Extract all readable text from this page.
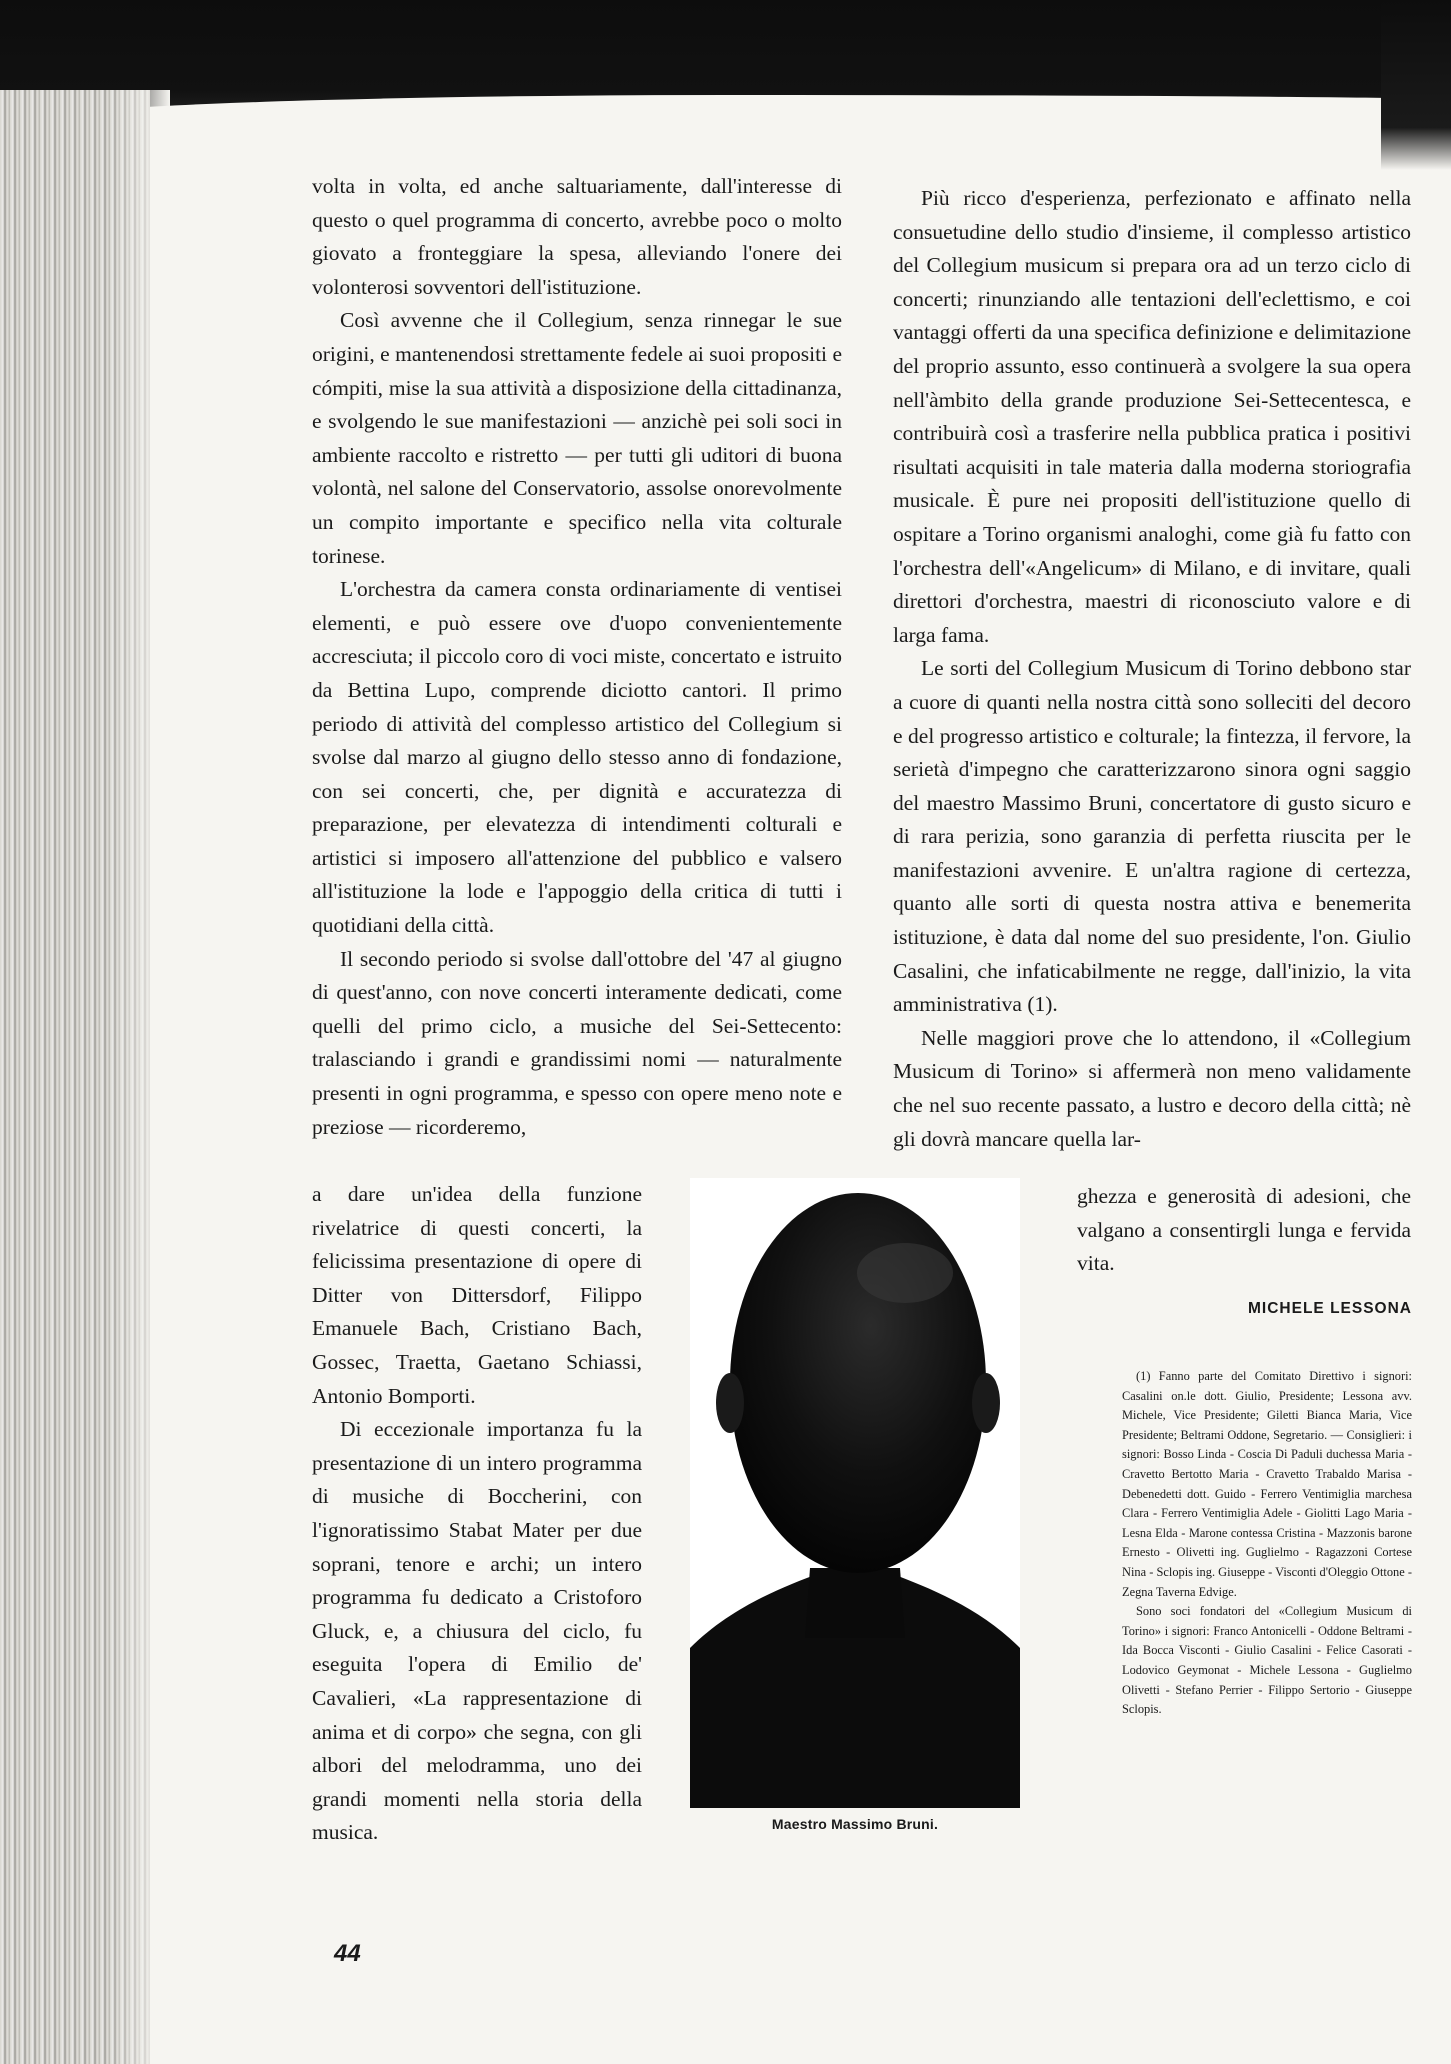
volta in volta, ed anche saltuariamente, dall'interesse di questo o quel programma di concerto, avrebbe poco o molto giovato a fronteggiare la spesa, alleviando l'onere dei volonterosi sovventori dell'istituzione.

Così avvenne che il Collegium, senza rinnegar le sue origini, e mantenendosi strettamente fedele ai suoi propositi e cómpiti, mise la sua attività a disposizione della cittadinanza, e svolgendo le sue manifestazioni — anzichè pei soli soci in ambiente raccolto e ristretto — per tutti gli uditori di buona volontà, nel salone del Conservatorio, assolse onorevolmente un compito importante e specifico nella vita colturale torinese.

L'orchestra da camera consta ordinariamente di ventisei elementi, e può essere ove d'uopo convenientemente accresciuta; il piccolo coro di voci miste, concertato e istruito da Bettina Lupo, comprende diciotto cantori. Il primo periodo di attività del complesso artistico del Collegium si svolse dal marzo al giugno dello stesso anno di fondazione, con sei concerti, che, per dignità e accuratezza di preparazione, per elevatezza di intendimenti colturali e artistici si imposero all'attenzione del pubblico e valsero all'istituzione la lode e l'appoggio della critica di tutti i quotidiani della città.

Il secondo periodo si svolse dall'ottobre del '47 al giugno di quest'anno, con nove concerti interamente dedicati, come quelli del primo ciclo, a musiche del Sei-Settecento: tralasciando i grandi e grandissimi nomi — naturalmente presenti in ogni programma, e spesso con opere meno note e preziose — ricorderemo,

a dare un'idea della funzione rivelatrice di questi concerti, la felicissima presentazione di opere di Ditter von Dittersdorf, Filippo Emanuele Bach, Cristiano Bach, Gossec, Traetta, Gaetano Schiassi, Antonio Bomporti.

Di eccezionale importanza fu la presentazione di un intero programma di musiche di Boccherini, con l'ignoratissimo Stabat Mater per due soprani, tenore e archi; un intero programma fu dedicato a Cristoforo Gluck, e, a chiusura del ciclo, fu eseguita l'opera di Emilio de' Cavalieri, «La rappresentazione di anima et di corpo» che segna, con gli albori del melodramma, uno dei grandi momenti nella storia della musica.

Più ricco d'esperienza, perfezionato e affinato nella consuetudine dello studio d'insieme, il complesso artistico del Collegium musicum si prepara ora ad un terzo ciclo di concerti; rinunziando alle tentazioni dell'eclettismo, e coi vantaggi offerti da una specifica definizione e delimitazione del proprio assunto, esso continuerà a svolgere la sua opera nell'àmbito della grande produzione Sei-Settecentesca, e contribuirà così a trasferire nella pubblica pratica i positivi risultati acquisiti in tale materia dalla moderna storiografia musicale. È pure nei propositi dell'istituzione quello di ospitare a Torino organismi analoghi, come già fu fatto con l'orchestra dell'«Angelicum» di Milano, e di invitare, quali direttori d'orchestra, maestri di riconosciuto valore e di larga fama.

Le sorti del Collegium Musicum di Torino debbono star a cuore di quanti nella nostra città sono solleciti del decoro e del progresso artistico e colturale; la fintezza, il fervore, la serietà d'impegno che caratterizzarono sinora ogni saggio del maestro Massimo Bruni, concertatore di gusto sicuro e di rara perizia, sono garanzia di perfetta riuscita per le manifestazioni avvenire. E un'altra ragione di certezza, quanto alle sorti di questa nostra attiva e benemerita istituzione, è data dal nome del suo presidente, l'on. Giulio Casalini, che infaticabilmente ne regge, dall'inizio, la vita amministrativa (1).

Nelle maggiori prove che lo attendono, il «Collegium Musicum di Torino» si affermerà non meno validamente che nel suo recente passato, a lustro e decoro della città; nè gli dovrà mancare quella lar-

ghezza e generosità di adesioni, che valgano a consentirgli lunga e fervida vita.
MICHELE LESSONA

(1) Fanno parte del Comitato Direttivo i signori: Casalini on.le dott. Giulio, Presidente; Lessona avv. Michele, Vice Presidente; Giletti Bianca Maria, Vice Presidente; Beltrami Oddone, Segretario. — Consiglieri: i signori: Bosso Linda - Coscia Di Paduli duchessa Maria - Cravetto Bertotto Maria - Cravetto Trabaldo Marisa - Debenedetti dott. Guido - Ferrero Ventimiglia marchesa Clara - Ferrero Ventimiglia Adele - Giolitti Lago Maria - Lesna Elda - Marone contessa Cristina - Mazzonis barone Ernesto - Olivetti ing. Guglielmo - Ragazzoni Cortese Nina - Sclopis ing. Giuseppe - Visconti d'Oleggio Ottone - Zegna Taverna Edvige.

Sono soci fondatori del «Collegium Musicum di Torino» i signori: Franco Antonicelli - Oddone Beltrami - Ida Bocca Visconti - Giulio Casalini - Felice Casorati - Lodovico Geymonat - Michele Lessona - Guglielmo Olivetti - Stefano Perrier - Filippo Sertorio - Giuseppe Sclopis.

Maestro Massimo Bruni.
44
